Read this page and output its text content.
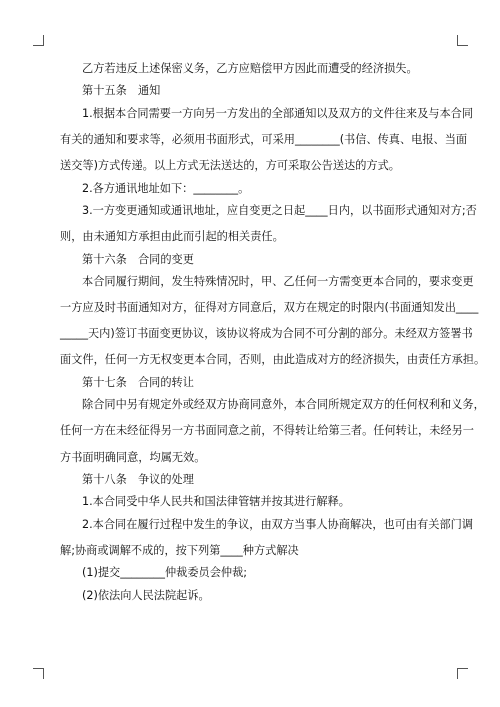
乙方若违反上述保密义务，乙方应赔偿甲方因此而遭受的经济损失。

第十五条　通知

1.根据本合同需要一方向另一方发出的全部通知以及双方的文件往来及与本合同

有关的通知和要求等，必须用书面形式，可采用________(书信、传真、电报、当面

送交等)方式传递。以上方式无法送达的，方可采取公告送达的方式。

2.各方通讯地址如下：________。

3.一方变更通知或通讯地址，应自变更之日起____日内，以书面形式通知对方;否

则，由未通知方承担由此而引起的相关责任。

第十六条　合同的变更

本合同履行期间，发生特殊情况时，甲、乙任何一方需变更本合同的，要求变更

一方应及时书面通知对方，征得对方同意后，双方在规定的时限内(书面通知发出____

_____天内)签订书面变更协议，该协议将成为合同不可分割的部分。未经双方签署书

面文件，任何一方无权变更本合同，否则，由此造成对方的经济损失，由责任方承担。

第十七条　合同的转让

除合同中另有规定外或经双方协商同意外，本合同所规定双方的任何权利和义务，

任何一方在未经征得另一方书面同意之前，不得转让给第三者。任何转让，未经另一

方书面明确同意，均属无效。

第十八条　争议的处理

1.本合同受中华人民共和国法律管辖并按其进行解释。

2.本合同在履行过程中发生的争议，由双方当事人协商解决，也可由有关部门调

解;协商或调解不成的，按下列第____种方式解决

(1)提交________仲裁委员会仲裁;

(2)依法向人民法院起诉。
